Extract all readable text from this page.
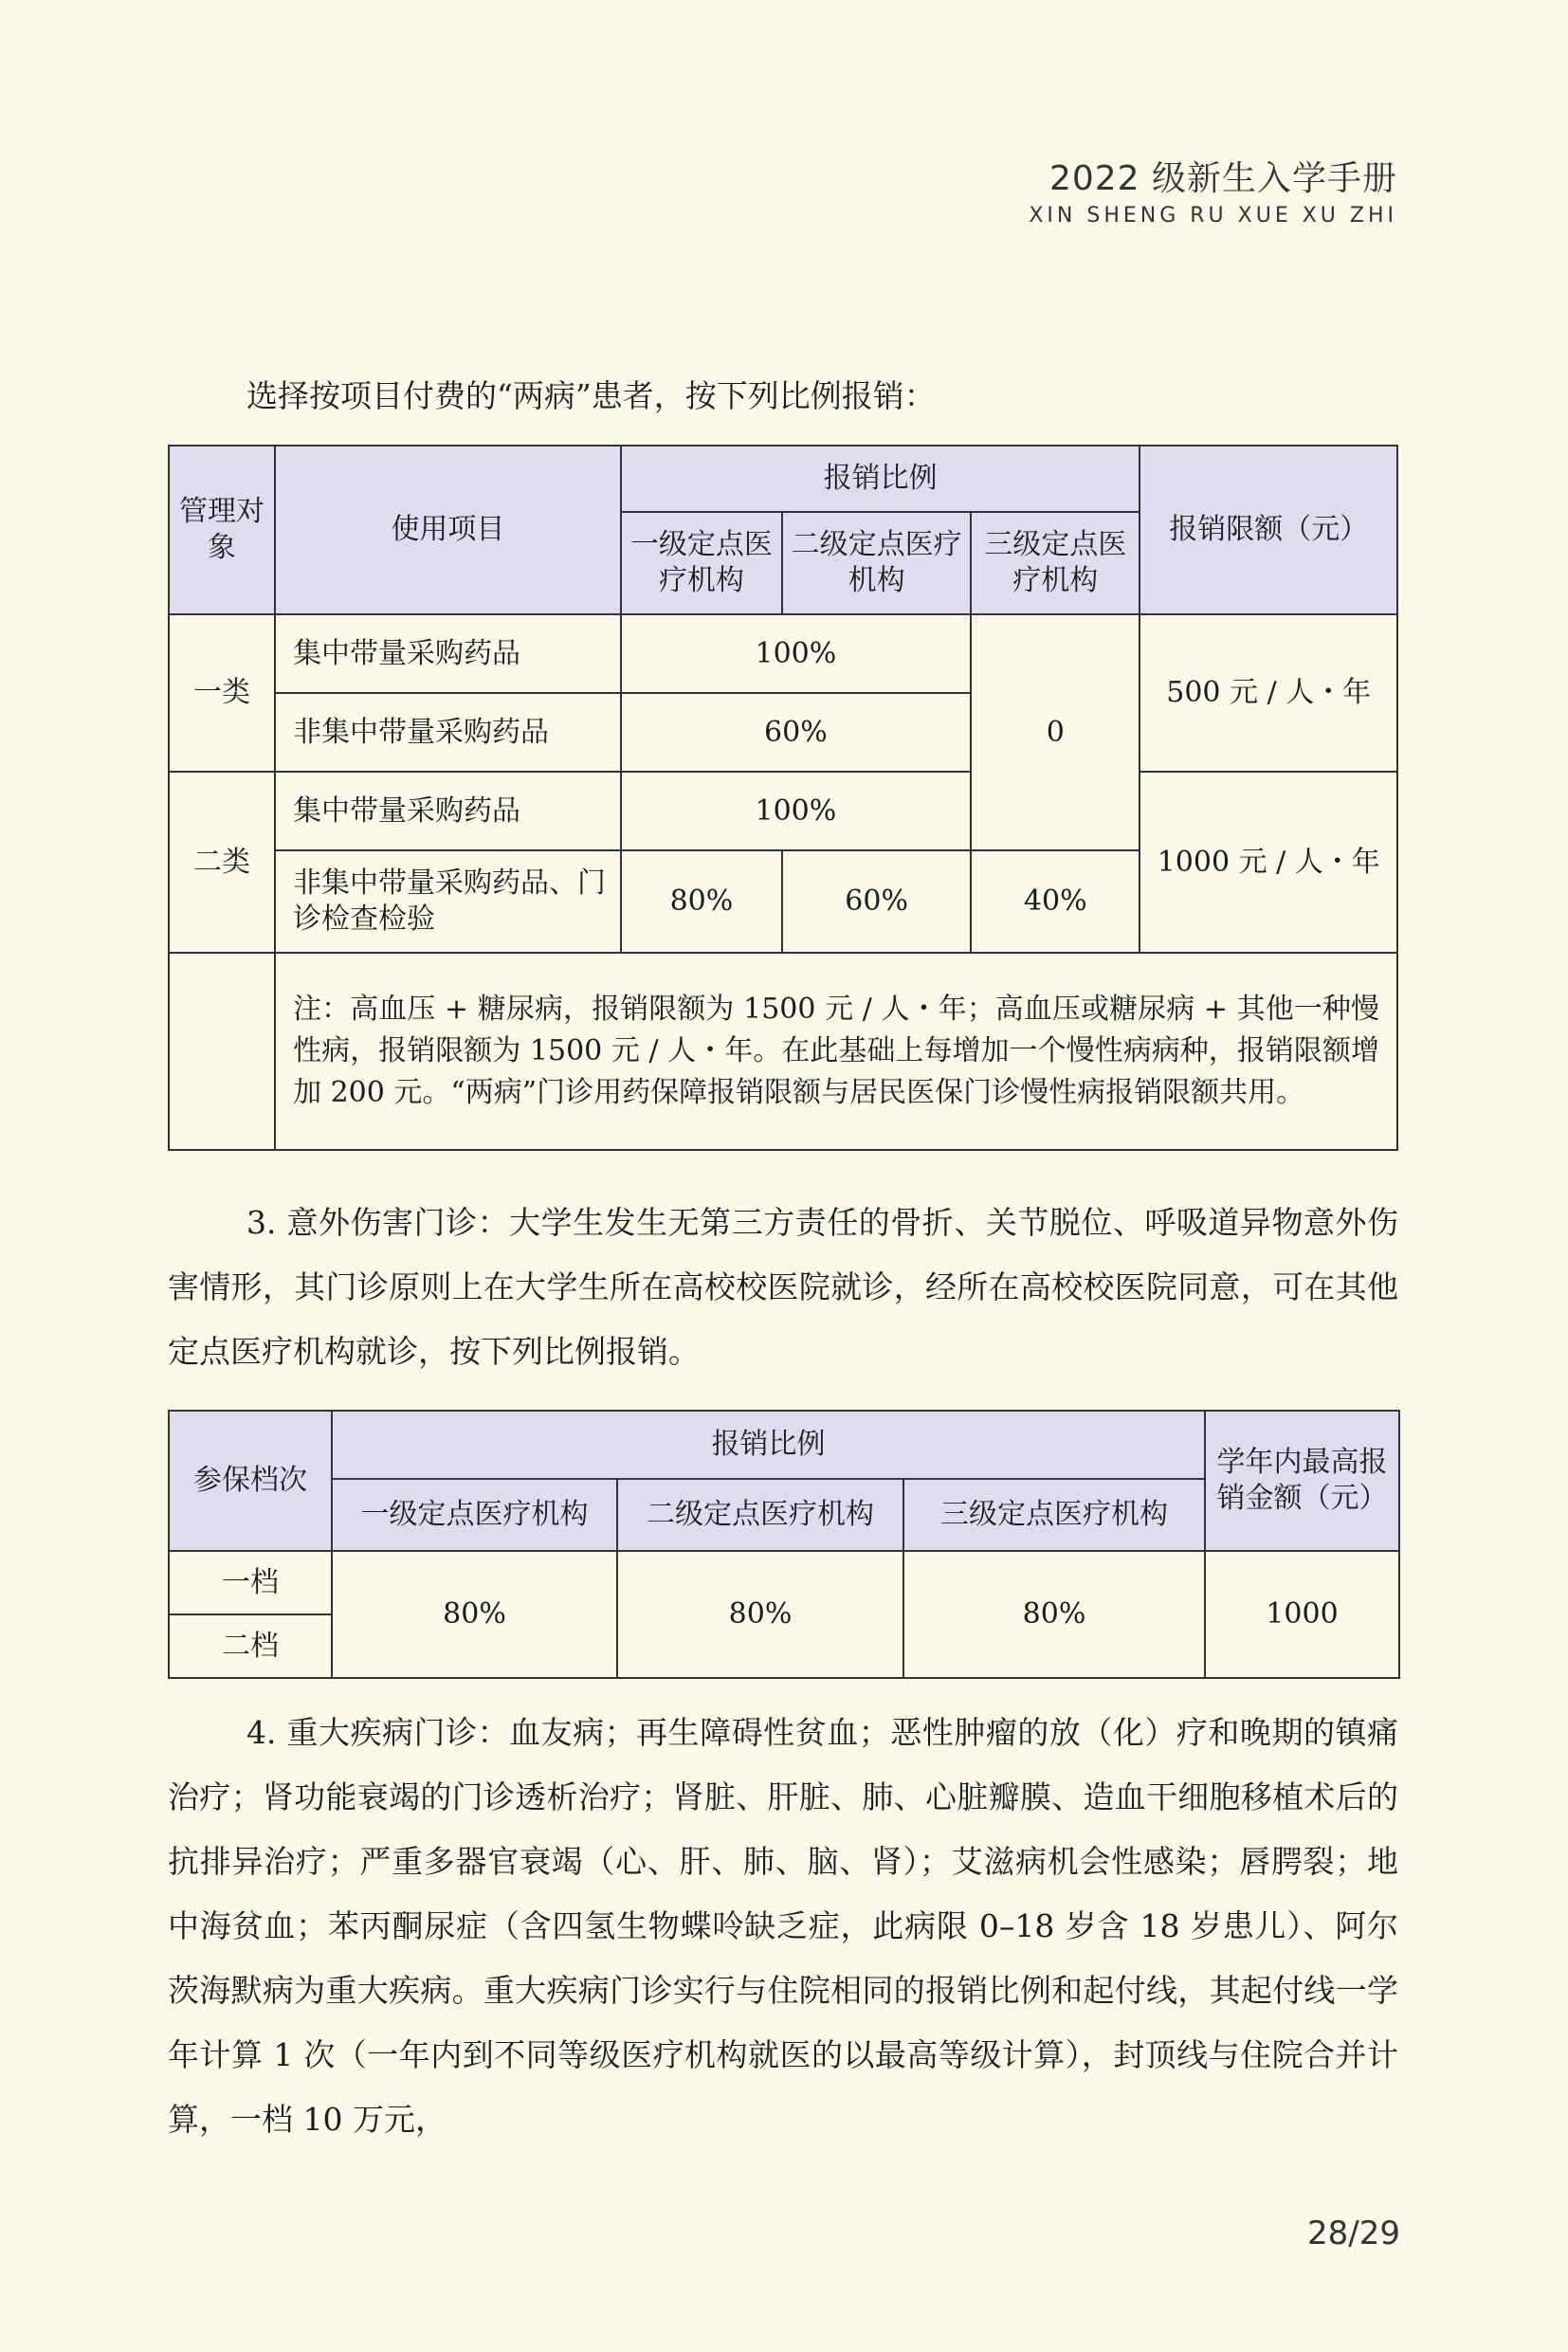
2022 级新生入学手册
XIN SHENG RU XUE XU ZHI
选择按项目付费的“两病”患者，按下列比例报销：
管理对象	使用项目	报销比例			报销限额（元）
		一级定点医疗机构	二级定点医疗机构	三级定点医疗机构	
一类	集中带量采购药品	100%		0	500 元 / 人・年
	非集中带量采购药品	60%			
二类	集中带量采购药品	100%			1000 元 / 人・年
	非集中带量采购药品、门诊检查检验	80%	60%	40%	
	注：高血压 + 糖尿病，报销限额为 1500 元 / 人・年；高血压或糖尿病 + 其他一种慢性病，报销限额为 1500 元 / 人・年。在此基础上每增加一个慢性病病种，报销限额增加 200 元。“两病”门诊用药保障报销限额与居民医保门诊慢性病报销限额共用。				

3. 意外伤害门诊：大学生发生无第三方责任的骨折、关节脱位、呼吸道异物意外伤害情形，其门诊原则上在大学生所在高校校医院就诊，经所在高校校医院同意，可在其他定点医疗机构就诊，按下列比例报销。

参保档次	报销比例			学年内最高报销金额（元）
	一级定点医疗机构	二级定点医疗机构	三级定点医疗机构	
一档	80%	80%	80%	1000
二档				

4. 重大疾病门诊：血友病；再生障碍性贫血；恶性肿瘤的放（化）疗和晚期的镇痛治疗；肾功能衰竭的门诊透析治疗；肾脏、肝脏、肺、心脏瓣膜、造血干细胞移植术后的抗排异治疗；严重多器官衰竭（心、肝、肺、脑、肾）；艾滋病机会性感染；唇腭裂；地中海贫血；苯丙酮尿症（含四氢生物蝶呤缺乏症，此病限 0–18 岁含 18 岁患儿）、阿尔茨海默病为重大疾病。重大疾病门诊实行与住院相同的报销比例和起付线，其起付线一学年计算 1 次（一年内到不同等级医疗机构就医的以最高等级计算），封顶线与住院合并计算，一档 10 万元，

28/29
